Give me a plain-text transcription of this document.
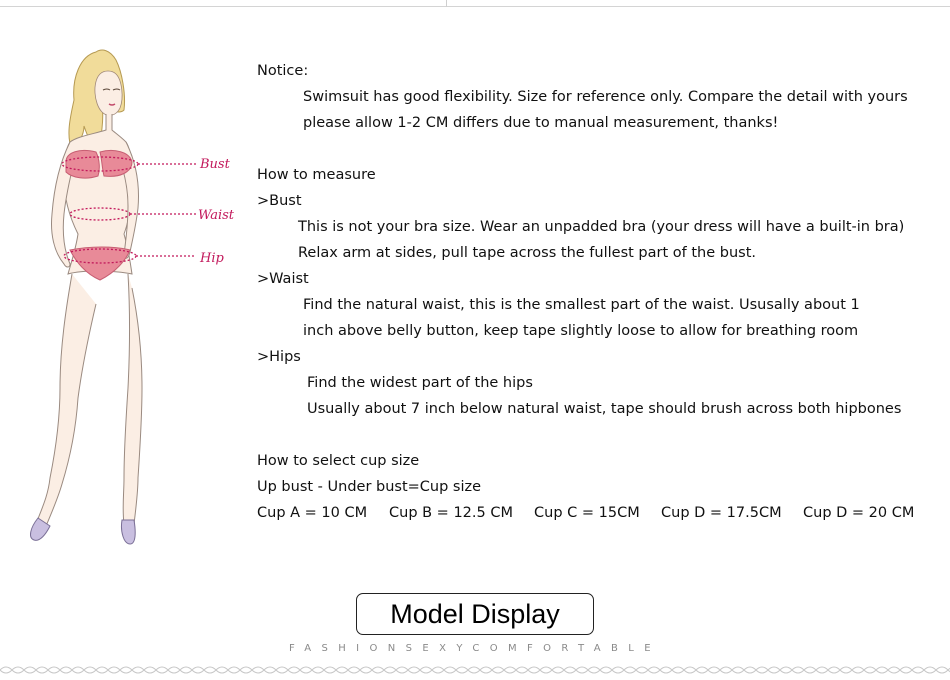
Bust
Waist
Hip
Notice:
Swimsuit has good flexibility. Size for reference only. Compare the detail with yours
please allow 1-2 CM differs due to manual measurement, thanks!
How to measure
>Bust
This is not your bra size. Wear an unpadded bra (your dress will have a built-in bra)
Relax arm at sides, pull tape across the fullest part of the bust.
>Waist
Find the natural waist, this is the smallest part of the waist. Ususally about 1
inch above belly button, keep tape slightly loose to allow for breathing room
>Hips
Find the widest part of the hips
Usually about 7 inch below natural waist, tape should brush across both hipbones
How to select cup size
Up bust - Under bust=Cup size
Cup A = 10 CM Cup B = 12.5 CM Cup C = 15CM Cup D = 17.5CM Cup D = 20 CM
Model Display
FASHIONSEXYCOMFORTABLE
